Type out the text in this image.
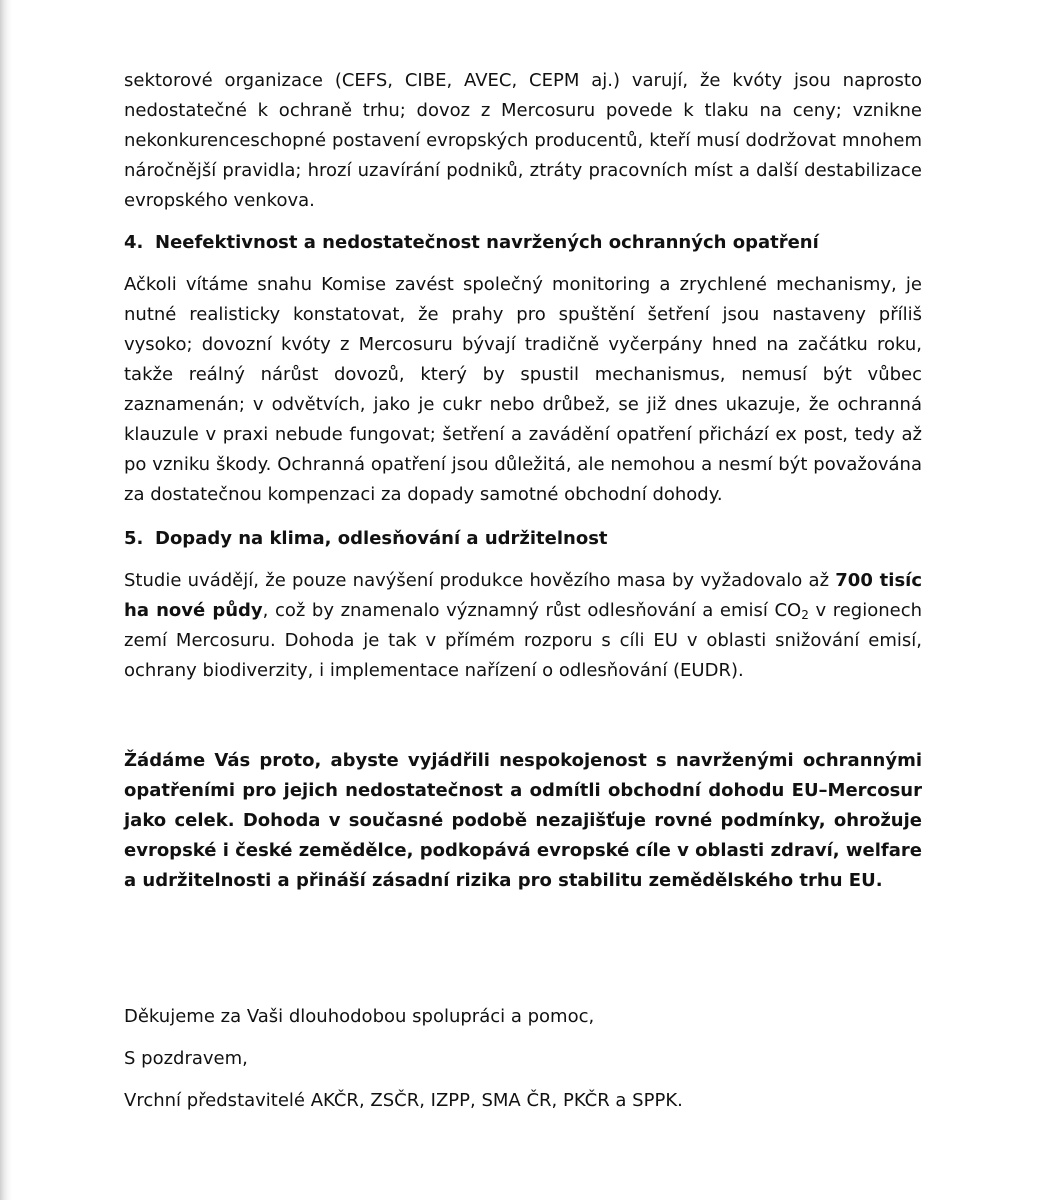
sektorové organizace (CEFS, CIBE, AVEC, CEPM aj.) varují, že kvóty jsou naprosto nedostatečné k ochraně trhu; dovoz z Mercosuru povede k tlaku na ceny; vznikne nekonkurenceschopné postavení evropských producentů, kteří musí dodržovat mnohem náročnější pravidla; hrozí uzavírání podniků, ztráty pracovních míst a další destabilizace evropského venkova.

4. Neefektivnost a nedostatečnost navržených ochranných opatření

Ačkoli vítáme snahu Komise zavést společný monitoring a zrychlené mechanismy, je nutné realisticky konstatovat, že prahy pro spuštění šetření jsou nastaveny příliš vysoko; dovozní kvóty z Mercosuru bývají tradičně vyčerpány hned na začátku roku, takže reálný nárůst dovozů, který by spustil mechanismus, nemusí být vůbec zaznamenán; v odvětvích, jako je cukr nebo drůbež, se již dnes ukazuje, že ochranná klauzule v praxi nebude fungovat; šetření a zavádění opatření přichází ex post, tedy až po vzniku škody. Ochranná opatření jsou důležitá, ale nemohou a nesmí být považována za dostatečnou kompenzaci za dopady samotné obchodní dohody.

5. Dopady na klima, odlesňování a udržitelnost

Studie uvádějí, že pouze navýšení produkce hovězího masa by vyžadovalo až 700 tisíc ha nové půdy, což by znamenalo významný růst odlesňování a emisí $CO_2$ v regionech zemí Mercosuru. Dohoda je tak v přímém rozporu s cíli EU v oblasti snižování emisí, ochrany biodiverzity, i implementace nařízení o odlesňování (EUDR).

Žádáme Vás proto, abyste vyjádřili nespokojenost s navrženými ochrannými opatřeními pro jejich nedostatečnost a odmítli obchodní dohodu EU–Mercosur jako celek. Dohoda v současné podobě nezajišťuje rovné podmínky, ohrožuje evropské i české zemědělce, podkopává evropské cíle v oblasti zdraví, welfare a udržitelnosti a přináší zásadní rizika pro stabilitu zemědělského trhu EU.

Děkujeme za Vaši dlouhodobou spolupráci a pomoc,

S pozdravem,

Vrchní představitelé AKČR, ZSČR, IZPP, SMA ČR, PKČR a SPPK.
